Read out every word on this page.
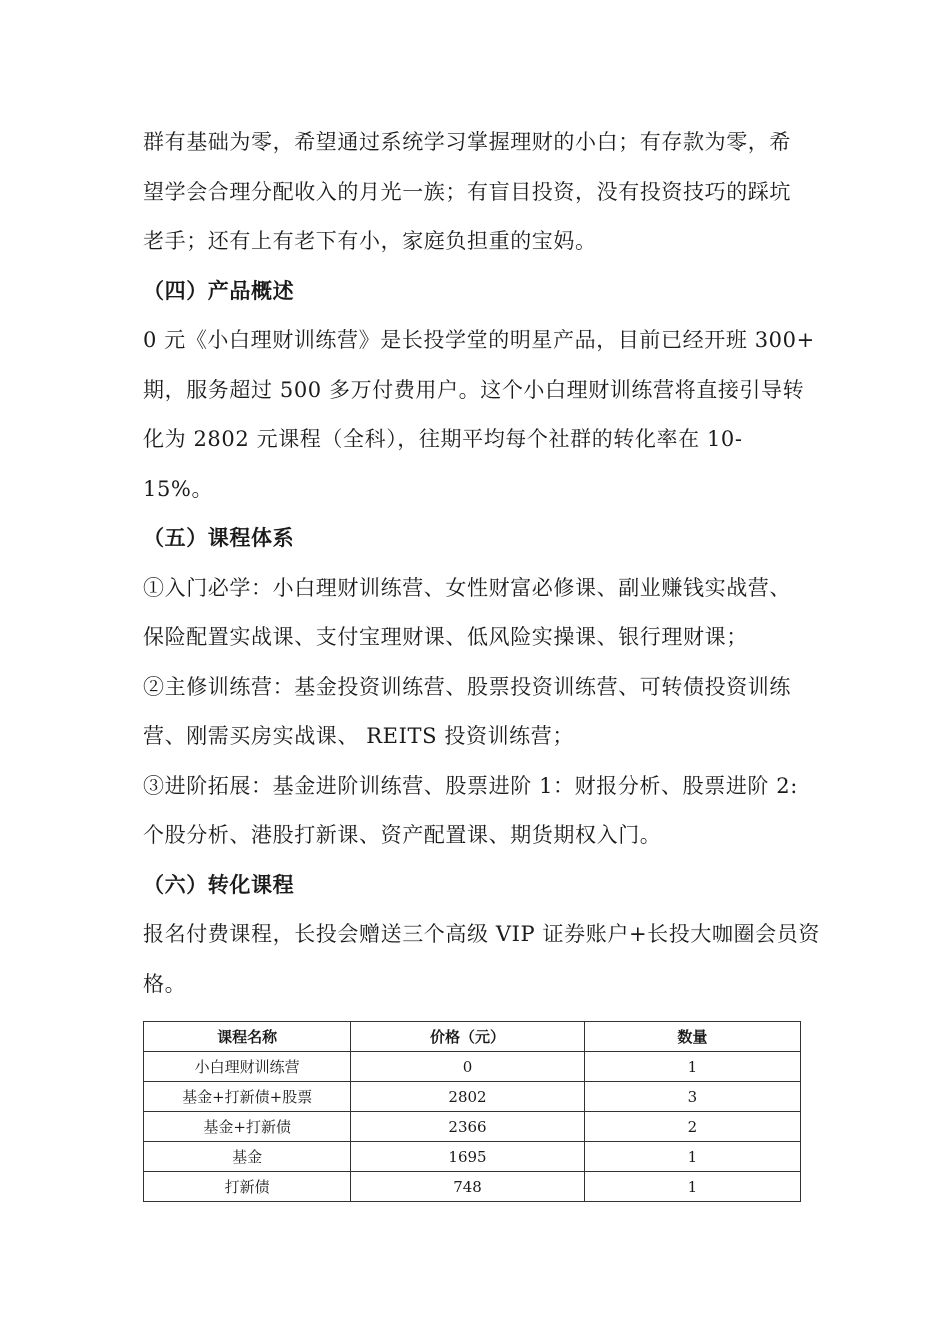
群有基础为零，希望通过系统学习掌握理财的小白；有存款为零，希
望学会合理分配收入的月光一族；有盲目投资，没有投资技巧的踩坑
老手；还有上有老下有小，家庭负担重的宝妈。

（四）产品概述

0 元《小白理财训练营》是长投学堂的明星产品，目前已经开班 300+
期，服务超过 500 多万付费用户。这个小白理财训练营将直接引导转
化为 2802 元课程（全科），往期平均每个社群的转化率在 10-
15%。

（五）课程体系

①入门必学：小白理财训练营、女性财富必修课、副业赚钱实战营、
保险配置实战课、支付宝理财课、低风险实操课、银行理财课；
②主修训练营：基金投资训练营、股票投资训练营、可转债投资训练
营、刚需买房实战课、 REITS 投资训练营；
③进阶拓展：基金进阶训练营、股票进阶 1：财报分析、股票进阶 2:
个股分析、港股打新课、资产配置课、期货期权入门。

（六）转化课程

报名付费课程，长投会赠送三个高级 VIP 证券账户+长投大咖圈会员资
格。

课程名称	价格（元）	数量
小白理财训练营	0	1
基金+打新债+股票	2802	3
基金+打新债	2366	2
基金	1695	1
打新债	748	1
